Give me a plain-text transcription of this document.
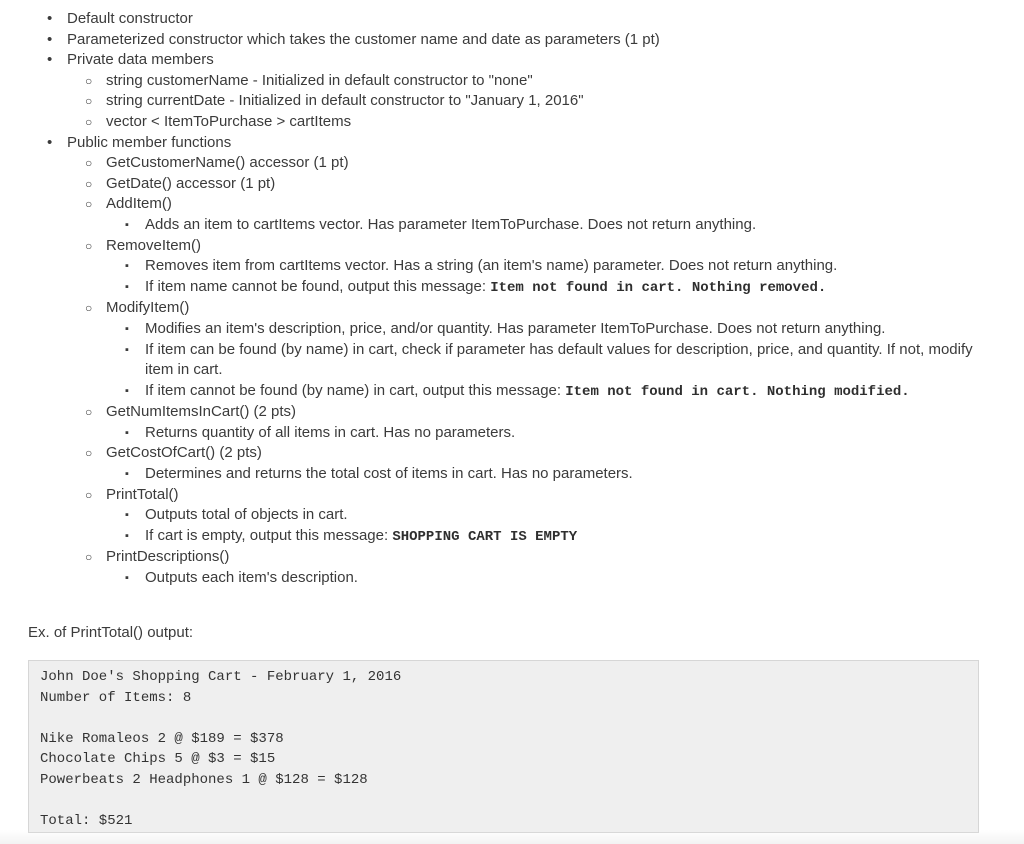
• Default constructor
• Parameterized constructor which takes the customer name and date as parameters (1 pt)
• Private data members
○ string customerName - Initialized in default constructor to "none"
○ string currentDate - Initialized in default constructor to "January 1, 2016"
○ vector < ItemToPurchase > cartItems
• Public member functions
○ GetCustomerName() accessor (1 pt)
○ GetDate() accessor (1 pt)
○ AddItem()
▪ Adds an item to cartItems vector. Has parameter ItemToPurchase. Does not return anything.
○ RemoveItem()
▪ Removes item from cartItems vector. Has a string (an item's name) parameter. Does not return anything.
▪ If item name cannot be found, output this message: Item not found in cart. Nothing removed.
○ ModifyItem()
▪ Modifies an item's description, price, and/or quantity. Has parameter ItemToPurchase. Does not return anything.
▪ If item can be found (by name) in cart, check if parameter has default values for description, price, and quantity. If not, modify item in cart.
▪ If item cannot be found (by name) in cart, output this message: Item not found in cart. Nothing modified.
○ GetNumItemsInCart() (2 pts)
▪ Returns quantity of all items in cart. Has no parameters.
○ GetCostOfCart() (2 pts)
▪ Determines and returns the total cost of items in cart. Has no parameters.
○ PrintTotal()
▪ Outputs total of objects in cart.
▪ If cart is empty, output this message: SHOPPING CART IS EMPTY
○ PrintDescriptions()
▪ Outputs each item's description.
Ex. of PrintTotal() output:
John Doe's Shopping Cart - February 1, 2016
Number of Items: 8
Nike Romaleos 2 @ $189 = $378
Chocolate Chips 5 @ $3 = $15
Powerbeats 2 Headphones 1 @ $128 = $128
Total: $521
